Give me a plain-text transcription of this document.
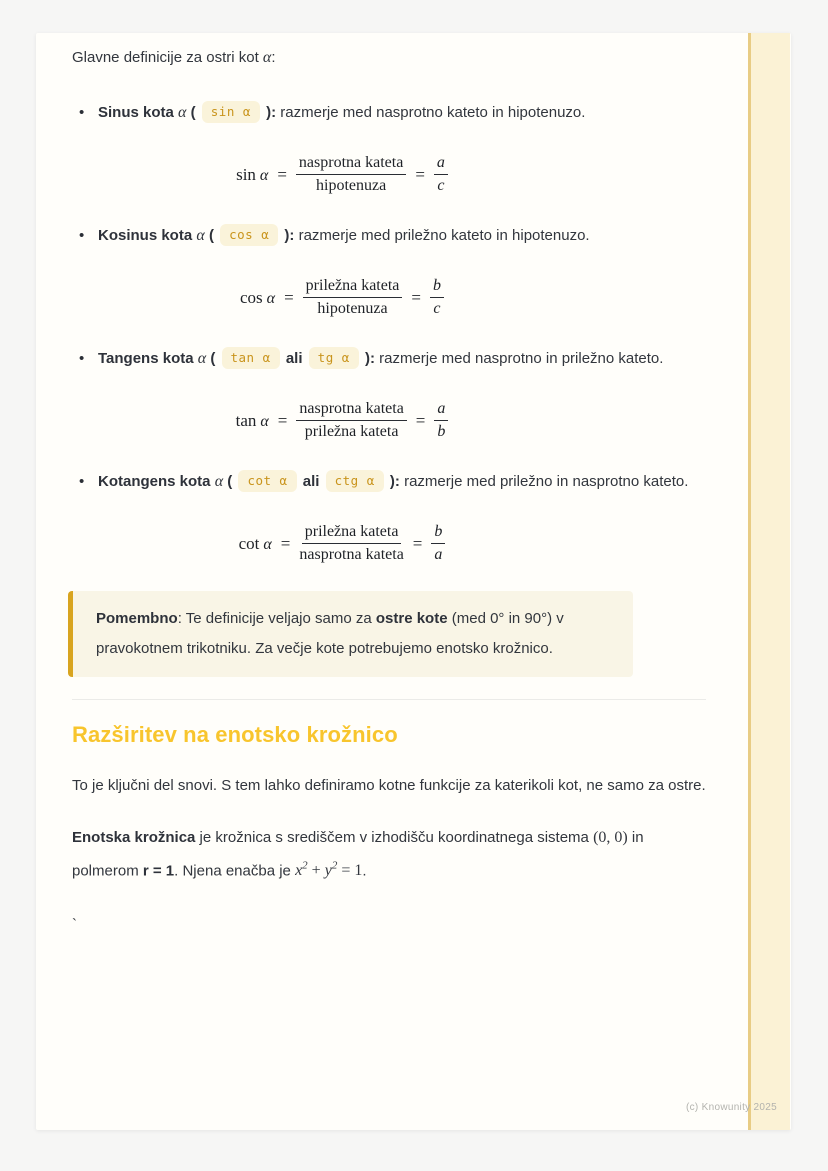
Glavne definicije za ostri kot α:

• Sinus kota α ( sin α ): razmerje med nasprotno kateto in hipotenuzo.
$\sin \alpha = \frac{\text{nasprotna kateta}}{\text{hipotenuza}} = \frac{a}{c}$
• Kosinus kota α ( cos α ): razmerje med priležno kateto in hipotenuzo.
$\cos \alpha = \frac{\text{priležna kateta}}{\text{hipotenuza}} = \frac{b}{c}$
• Tangens kota α ( tan α ali tg α ): razmerje med nasprotno in priležno kateto.
$\tan \alpha = \frac{\text{nasprotna kateta}}{\text{priležna kateta}} = \frac{a}{b}$
• Kotangens kota α ( cot α ali ctg α ): razmerje med priležno in nasprotno kateto.
$\cot \alpha = \frac{\text{priležna kateta}}{\text{nasprotna kateta}} = \frac{b}{a}$
Pomembno: Te definicije veljajo samo za ostre kote (med 0° in 90°) v pravokotnem trikotniku. Za večje kote potrebujemo enotsko krožnico.
Razširitev na enotsko krožnico

To je ključni del snovi. S tem lahko definiramo kotne funkcije za katerikoli kot, ne samo za ostre.

Enotska krožnica je krožnica s središčem v izhodišču koordinatnega sistema (0, 0) in polmerom r = 1. Njena enačba je $x^2 + y^2 = 1$.

`

(c) Knowunity 2025
